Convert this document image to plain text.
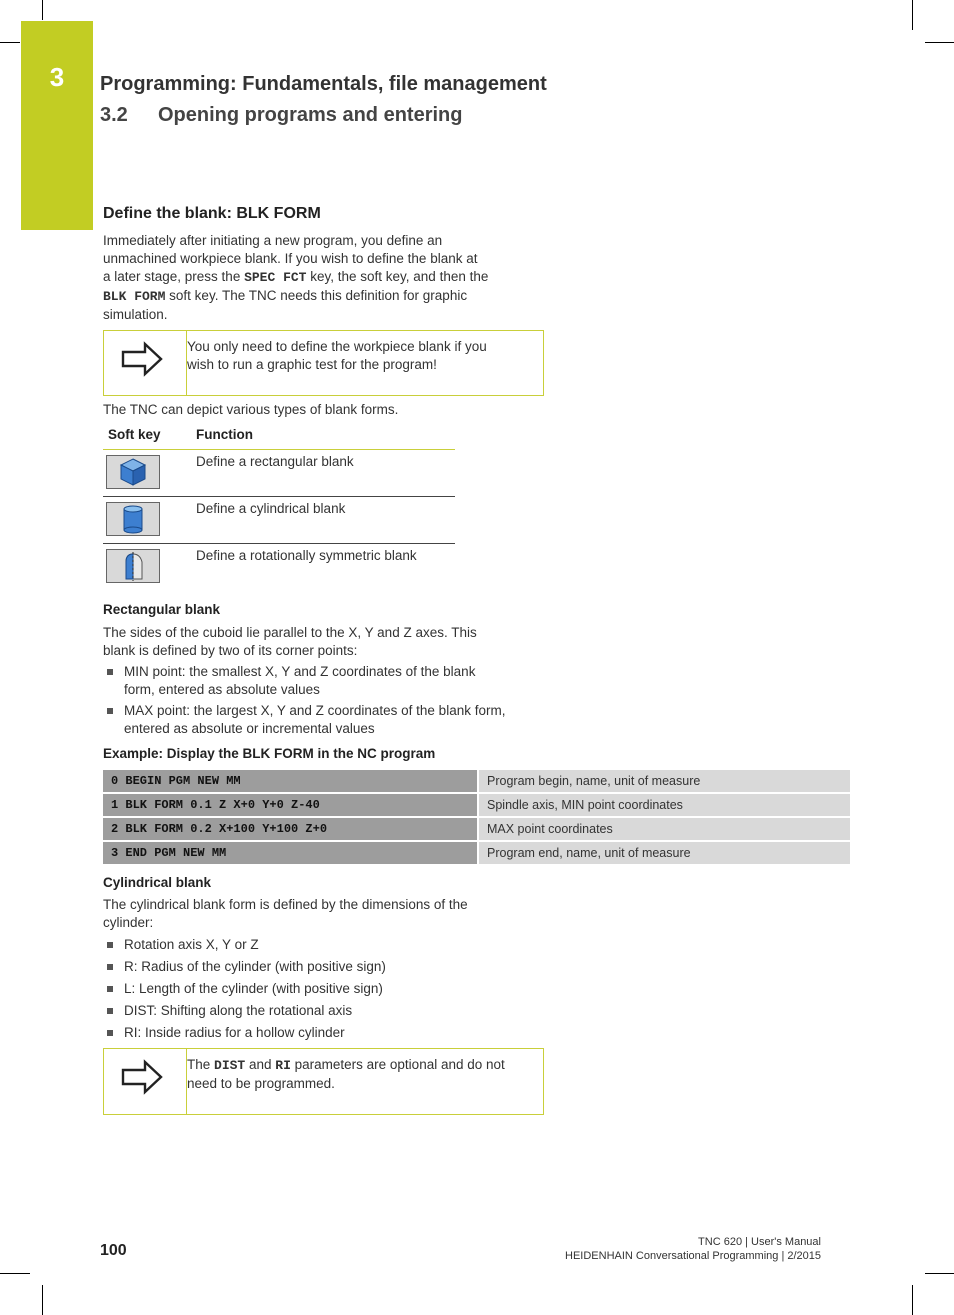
3	Programming: Fundamentals, file management
3.2 Opening programs and entering
Define the blank: BLK FORM
Immediately after initiating a new program, you define an
unmachined workpiece blank. If you wish to define the blank at
a later stage, press the SPEC FCT key, the soft key, and then the
BLK FORM soft key. The TNC needs this definition for graphic
simulation.
You only need to define the workpiece blank if you
wish to run a graphic test for the program!
The TNC can depict various types of blank forms.
Soft key	Function
Define a rectangular blank
Define a cylindrical blank
Define a rotationally symmetric blank
Rectangular blank
The sides of the cuboid lie parallel to the X, Y and Z axes. This
blank is defined by two of its corner points:
MIN point: the smallest X, Y and Z coordinates of the blank
form, entered as absolute values
MAX point: the largest X, Y and Z coordinates of the blank form,
entered as absolute or incremental values
Example: Display the BLK FORM in the NC program
0 BEGIN PGM NEW MM	Program begin, name, unit of measure
1 BLK FORM 0.1 Z X+0 Y+0 Z-40	Spindle axis, MIN point coordinates
2 BLK FORM 0.2 X+100 Y+100 Z+0	MAX point coordinates
3 END PGM NEW MM	Program end, name, unit of measure
Cylindrical blank
The cylindrical blank form is defined by the dimensions of the
cylinder:
Rotation axis X, Y or Z
R: Radius of the cylinder (with positive sign)
L: Length of the cylinder (with positive sign)
DIST: Shifting along the rotational axis
RI: Inside radius for a hollow cylinder
The DIST and RI parameters are optional and do not
need to be programmed.
100	TNC 620 | User's Manual
HEIDENHAIN Conversational Programming | 2/2015
